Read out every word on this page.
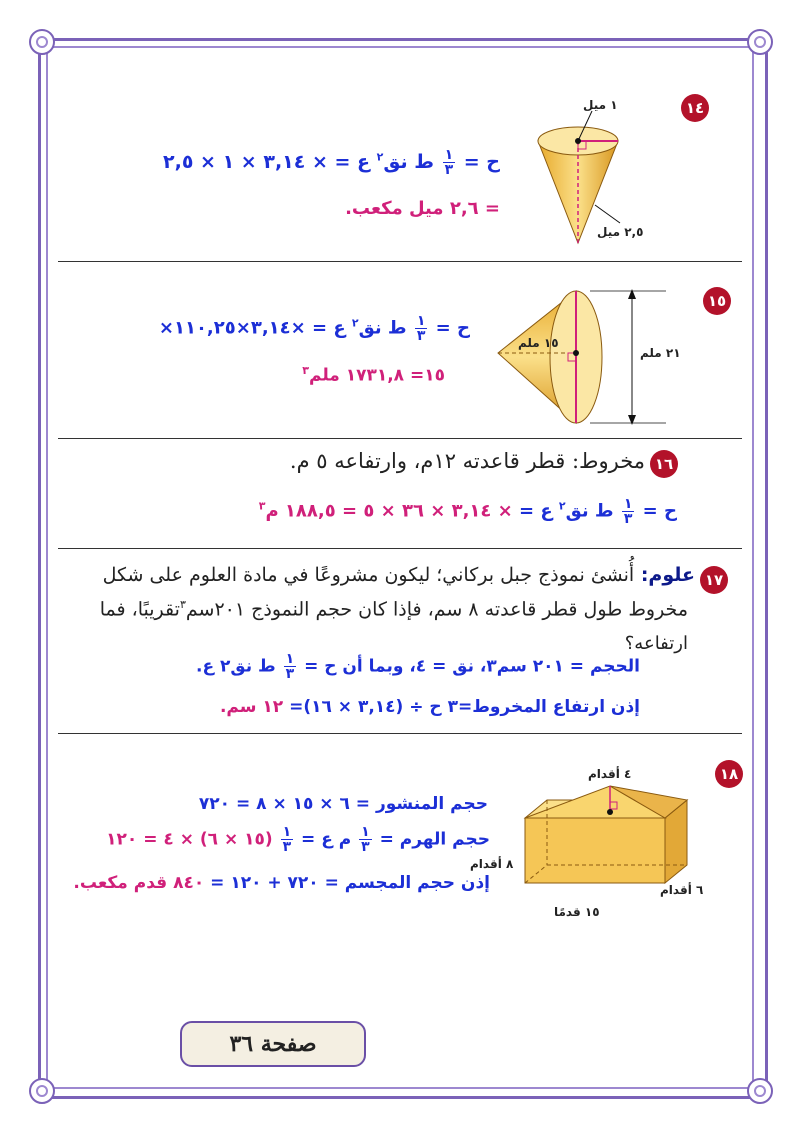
١٤
١ ميل
٢,٥ ميل
ح =
١
٣
ط نق$^٢$ ع = × ٣,١٤ × ١ × ٢,٥
= ٢,٦ ميل مكعب.
١٥
١٥ ملم
٢١ ملم
ح =
١
٣
ط نق$^٢$ ع = ×٣,١٤×١١٠,٢٥×
١٥= ١٧٣١,٨ ملم$^٣$
١٦
مخروط: قطر قاعدته ١٢م، وارتفاعه ٥ م.
ح =
١
٣
ط نق$^٢$ ع = × ٣,١٤ × ٣٦ × ٥ = ١٨٨,٥ م$^٣$
١٧
علوم: أُنشئ نموذج جبل بركاني؛ ليكون مشروعًا في مادة العلوم على شكل
مخروط طول قطر قاعدته ٨ سم، فإذا كان حجم النموذج ٢٠١سم$^٣$تقريبًا، فما
ارتفاعه؟
الحجم = ٢٠١ سم٣، نق = ٤، وبما أن ح =
١
٣
ط نق٢ ع.
إذن ارتفاع المخروط=٣ ح ÷ (٣,١٤ × ١٦)= ١٢ سم.
١٨
٤ أقدام
٨ أقدام
٦ أقدام
١٥ قدمًا
حجم المنشور = ٦ × ١٥ × ٨ = ٧٢٠
حجم الهرم =
١
٣
م ع =
١
٣
(١٥ × ٦) × ٤ = ١٢٠
إذن حجم المجسم = ٧٢٠ + ١٢٠ = ٨٤٠ قدم مكعب.
صفحة ٣٦
